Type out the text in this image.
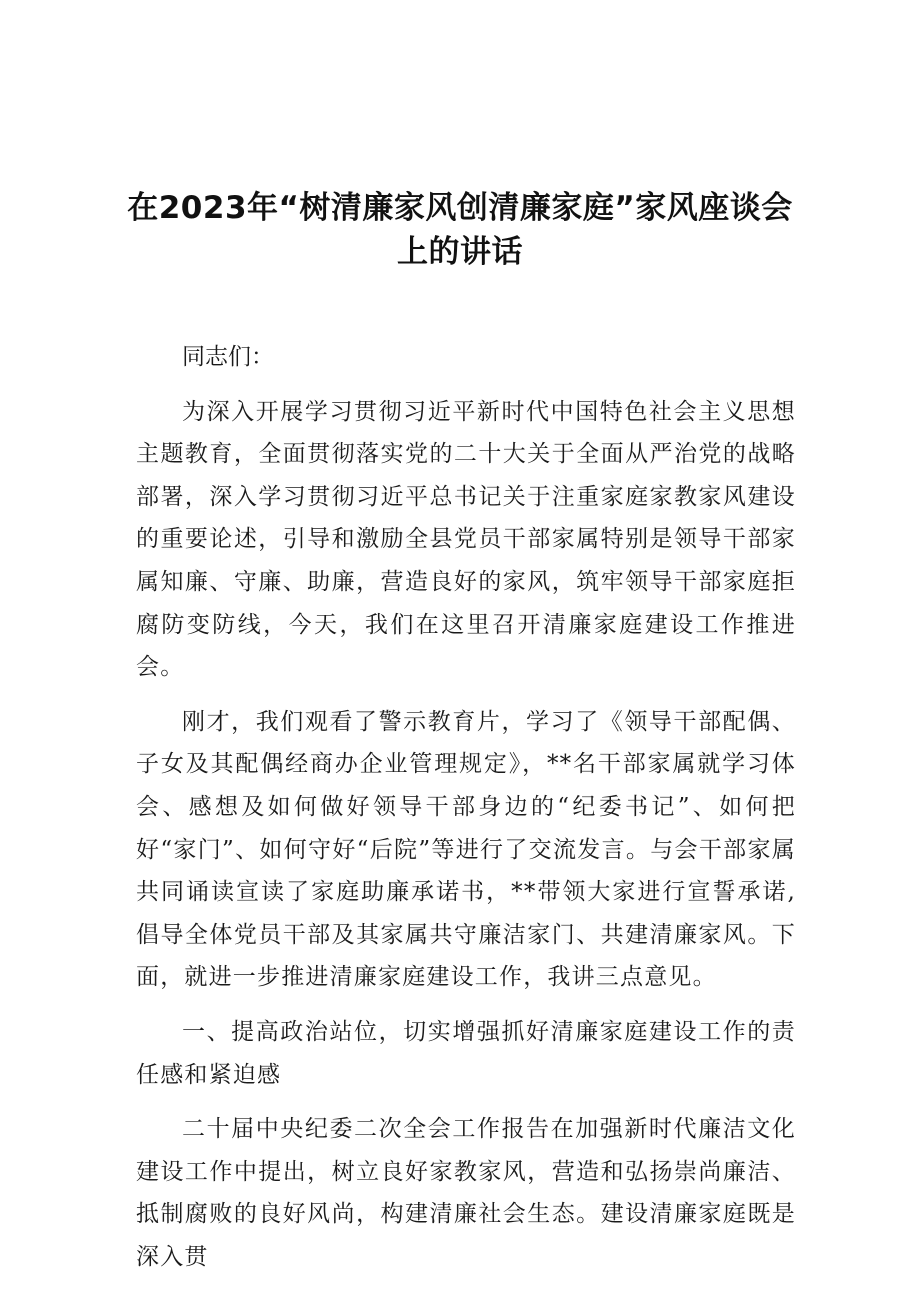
在2023年“树清廉家风创清廉家庭”家风座谈会上的讲话

同志们：

为深入开展学习贯彻习近平新时代中国特色社会主义思想主题教育，全面贯彻落实党的二十大关于全面从严治党的战略部署，深入学习贯彻习近平总书记关于注重家庭家教家风建设的重要论述，引导和激励全县党员干部家属特别是领导干部家属知廉、守廉、助廉，营造良好的家风，筑牢领导干部家庭拒腐防变防线，今天，我们在这里召开清廉家庭建设工作推进会。

刚才，我们观看了警示教育片，学习了《领导干部配偶、子女及其配偶经商办企业管理规定》，**名干部家属就学习体会、感想及如何做好领导干部身边的“纪委书记”、如何把好“家门”、如何守好“后院”等进行了交流发言。与会干部家属共同诵读宣读了家庭助廉承诺书，**带领大家进行宣誓承诺,倡导全体党员干部及其家属共守廉洁家门、共建清廉家风。下面，就进一步推进清廉家庭建设工作，我讲三点意见。

一、提高政治站位，切实增强抓好清廉家庭建设工作的责任感和紧迫感

二十届中央纪委二次全会工作报告在加强新时代廉洁文化建设工作中提出，树立良好家教家风，营造和弘扬崇尚廉洁、抵制腐败的良好风尚，构建清廉社会生态。建设清廉家庭既是深入贯
